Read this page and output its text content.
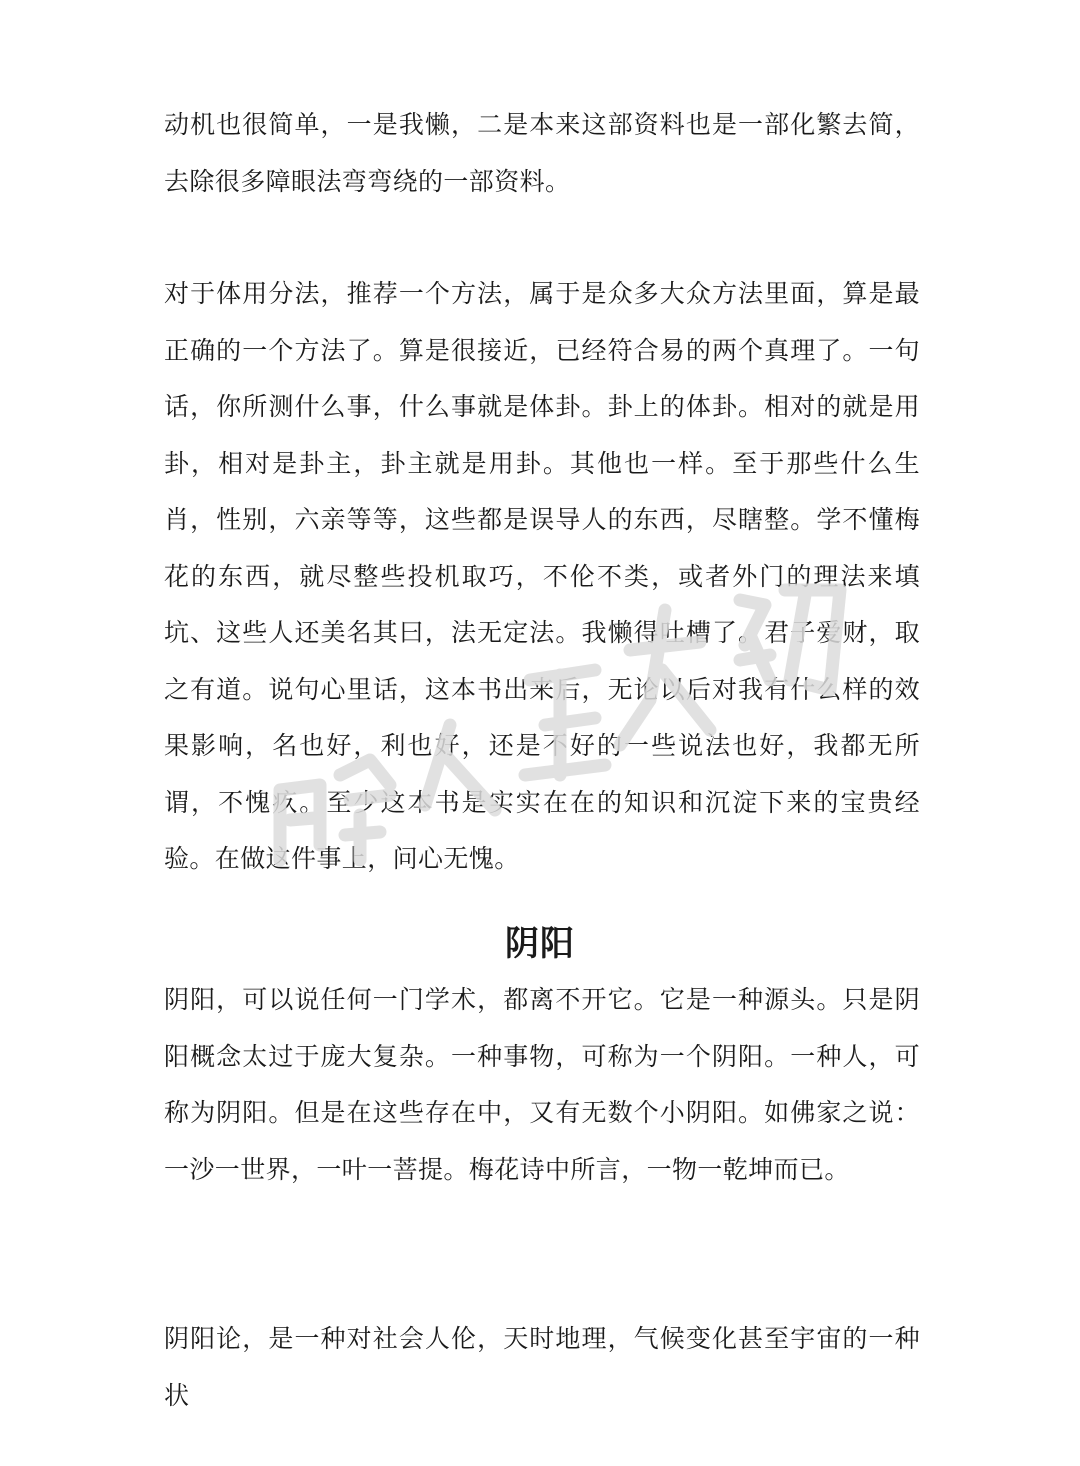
动机也很简单，一是我懒，二是本来这部资料也是一部化繁去简，去除很多障眼法弯弯绕的一部资料。

对于体用分法，推荐一个方法，属于是众多大众方法里面，算是最正确的一个方法了。算是很接近，已经符合易的两个真理了。一句话，你所测什么事，什么事就是体卦。卦上的体卦。相对的就是用卦，相对是卦主，卦主就是用卦。其他也一样。至于那些什么生肖，性别，六亲等等，这些都是误导人的东西，尽瞎整。学不懂梅花的东西，就尽整些投机取巧，不伦不类，或者外门的理法来填坑、这些人还美名其曰，法无定法。我懒得吐槽了。君子爱财，取之有道。说句心里话，这本书出来后，无论以后对我有什么样的效果影响，名也好，利也好，还是不好的一些说法也好，我都无所谓，不愧疚。至少这本书是实实在在的知识和沉淀下来的宝贵经验。在做这件事上，问心无愧。

阴阳

阴阳，可以说任何一门学术，都离不开它。它是一种源头。只是阴阳概念太过于庞大复杂。一种事物，可称为一个阴阳。一种人，可称为阴阳。但是在这些存在中，又有无数个小阴阳。如佛家之说：一沙一世界，一叶一菩提。梅花诗中所言，一物一乾坤而已。

阴阳论，是一种对社会人伦，天时地理，气候变化甚至宇宙的一种状
